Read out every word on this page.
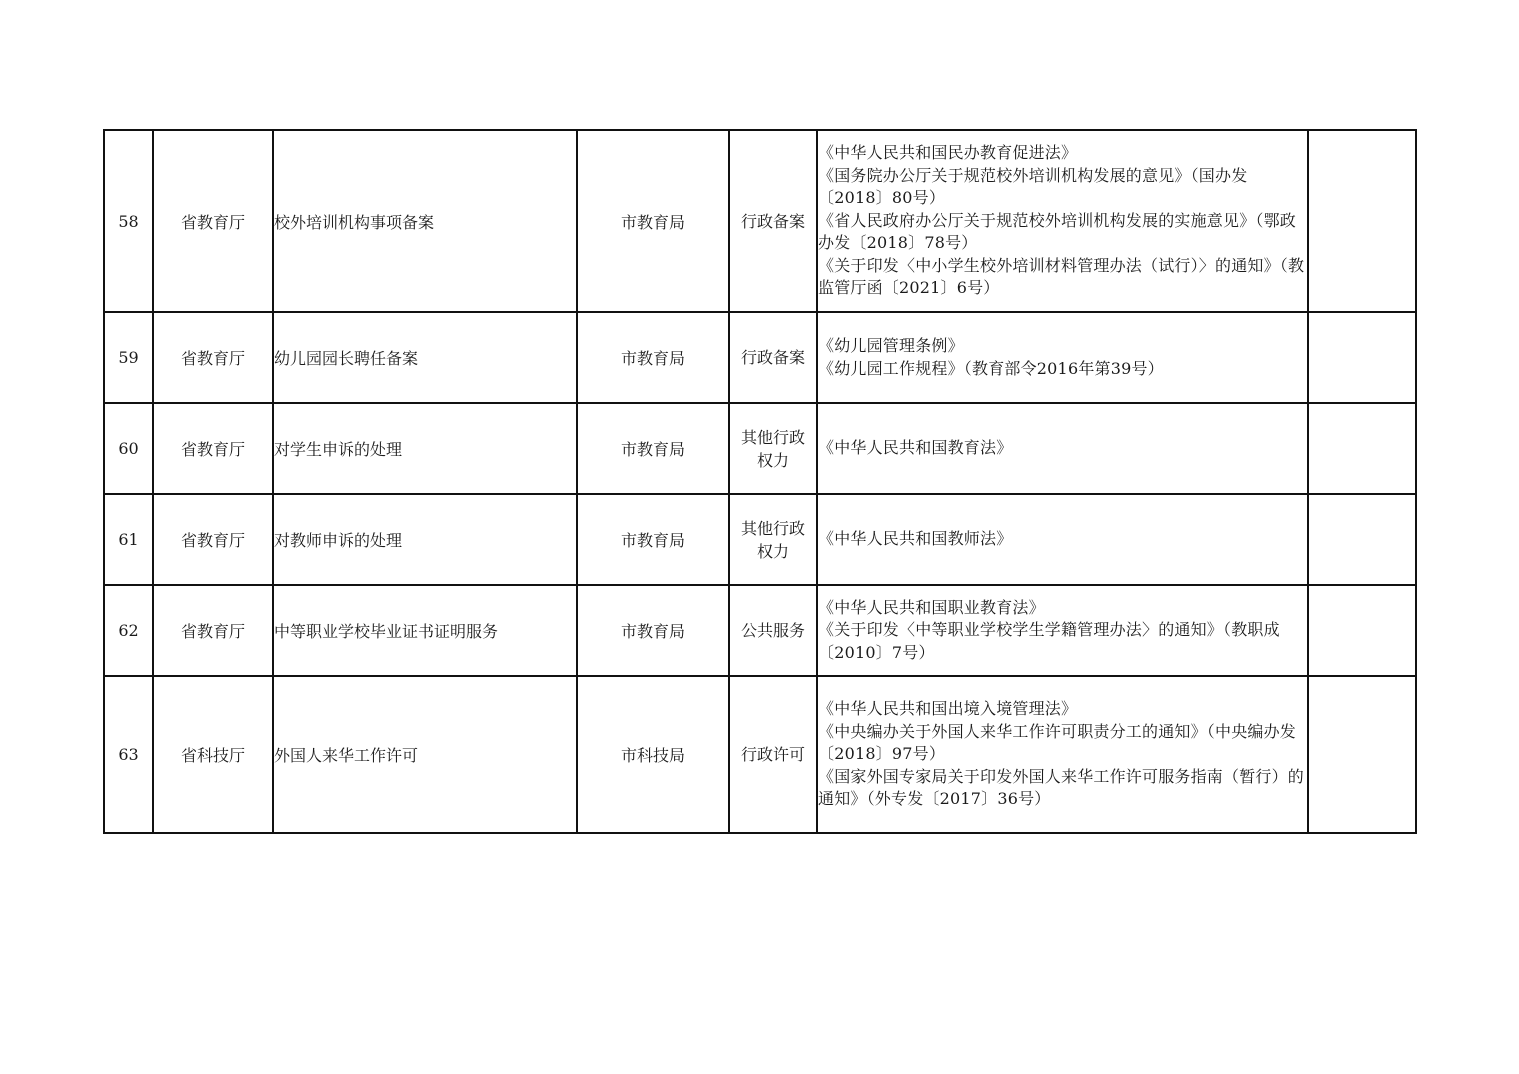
58	省教育厅	校外培训机构事项备案	市教育局	行政备案	《中华人民共和国民办教育促进法》
《国务院办公厅关于规范校外培训机构发展的意见》（国办发〔2018〕80号）
《省人民政府办公厅关于规范校外培训机构发展的实施意见》（鄂政办发〔2018〕78号）
《关于印发〈中小学生校外培训材料管理办法（试行）〉的通知》（教监管厅函〔2021〕6号）	

59	省教育厅	幼儿园园长聘任备案	市教育局	行政备案	《幼儿园管理条例》
《幼儿园工作规程》（教育部令2016年第39号）	

60	省教育厅	对学生申诉的处理	市教育局	其他行政权力	《中华人民共和国教育法》	

61	省教育厅	对教师申诉的处理	市教育局	其他行政权力	《中华人民共和国教师法》	

62	省教育厅	中等职业学校毕业证书证明服务	市教育局	公共服务	《中华人民共和国职业教育法》
《关于印发〈中等职业学校学生学籍管理办法〉的通知》（教职成〔2010〕7号）	

63	省科技厅	外国人来华工作许可	市科技局	行政许可	《中华人民共和国出境入境管理法》
《中央编办关于外国人来华工作许可职责分工的通知》（中央编办发〔2018〕97号）
《国家外国专家局关于印发外国人来华工作许可服务指南（暂行）的通知》（外专发〔2017〕36号）	
